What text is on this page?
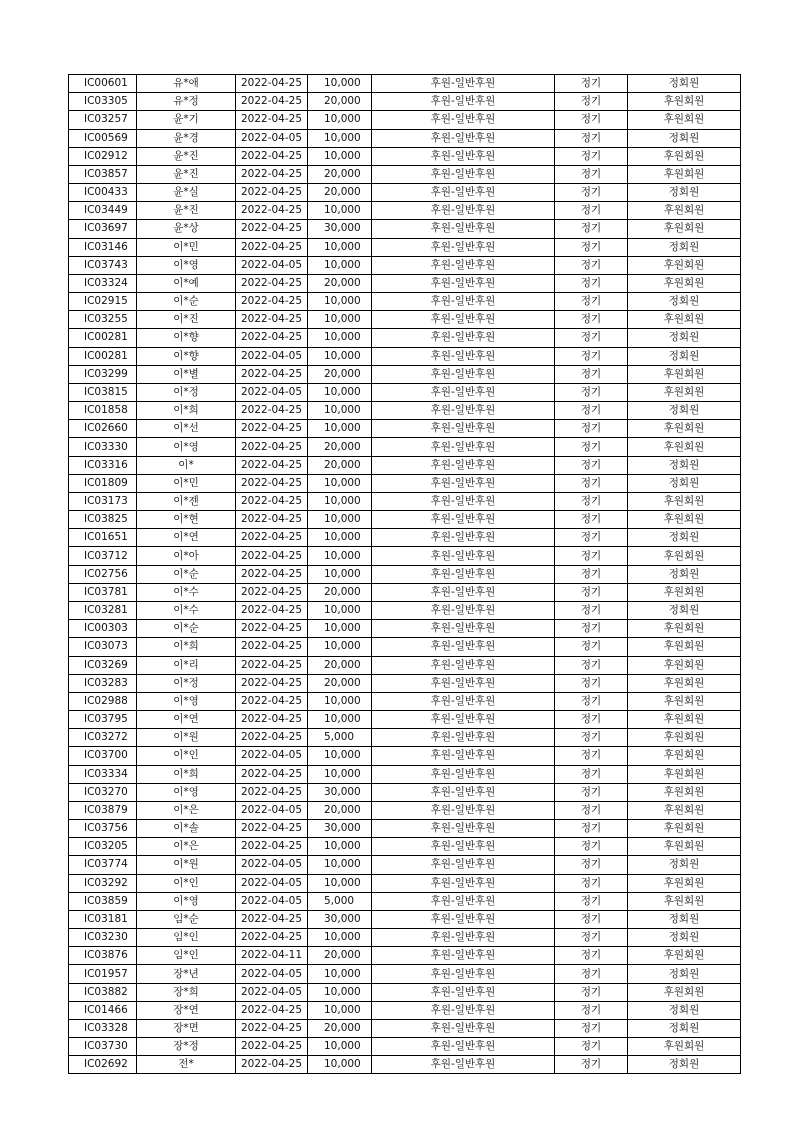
IC00601	유*애	2022-04-25	10,000	후원-일반후원	정기	정회원
IC03305	유*정	2022-04-25	20,000	후원-일반후원	정기	후원회원
IC03257	윤*기	2022-04-25	10,000	후원-일반후원	정기	후원회원
IC00569	윤*경	2022-04-05	10,000	후원-일반후원	정기	정회원
IC02912	윤*진	2022-04-25	10,000	후원-일반후원	정기	후원회원
IC03857	윤*진	2022-04-25	20,000	후원-일반후원	정기	후원회원
IC00433	윤*실	2022-04-25	20,000	후원-일반후원	정기	정회원
IC03449	윤*진	2022-04-25	10,000	후원-일반후원	정기	후원회원
IC03697	윤*상	2022-04-25	30,000	후원-일반후원	정기	후원회원
IC03146	이*민	2022-04-25	10,000	후원-일반후원	정기	정회원
IC03743	이*영	2022-04-05	10,000	후원-일반후원	정기	후원회원
IC03324	이*예	2022-04-25	20,000	후원-일반후원	정기	후원회원
IC02915	이*순	2022-04-25	10,000	후원-일반후원	정기	정회원
IC03255	이*진	2022-04-25	10,000	후원-일반후원	정기	후원회원
IC00281	이*향	2022-04-25	10,000	후원-일반후원	정기	정회원
IC00281	이*향	2022-04-05	10,000	후원-일반후원	정기	정회원
IC03299	이*별	2022-04-25	20,000	후원-일반후원	정기	후원회원
IC03815	이*정	2022-04-05	10,000	후원-일반후원	정기	후원회원
IC01858	이*희	2022-04-25	10,000	후원-일반후원	정기	정회원
IC02660	이*선	2022-04-25	10,000	후원-일반후원	정기	후원회원
IC03330	이*영	2022-04-25	20,000	후원-일반후원	정기	후원회원
IC03316	이*	2022-04-25	20,000	후원-일반후원	정기	정회원
IC01809	이*민	2022-04-25	10,000	후원-일반후원	정기	정회원
IC03173	이*젠	2022-04-25	10,000	후원-일반후원	정기	후원회원
IC03825	이*현	2022-04-25	10,000	후원-일반후원	정기	후원회원
IC01651	이*연	2022-04-25	10,000	후원-일반후원	정기	정회원
IC03712	이*아	2022-04-25	10,000	후원-일반후원	정기	후원회원
IC02756	이*순	2022-04-25	10,000	후원-일반후원	정기	정회원
IC03781	이*수	2022-04-25	20,000	후원-일반후원	정기	후원회원
IC03281	이*수	2022-04-25	10,000	후원-일반후원	정기	정회원
IC00303	이*순	2022-04-25	10,000	후원-일반후원	정기	후원회원
IC03073	이*희	2022-04-25	10,000	후원-일반후원	정기	후원회원
IC03269	이*리	2022-04-25	20,000	후원-일반후원	정기	후원회원
IC03283	이*정	2022-04-25	20,000	후원-일반후원	정기	후원회원
IC02988	이*영	2022-04-25	10,000	후원-일반후원	정기	후원회원
IC03795	이*연	2022-04-25	10,000	후원-일반후원	정기	후원회원
IC03272	이*원	2022-04-25	5,000	후원-일반후원	정기	후원회원
IC03700	이*인	2022-04-05	10,000	후원-일반후원	정기	후원회원
IC03334	이*희	2022-04-25	10,000	후원-일반후원	정기	후원회원
IC03270	이*영	2022-04-25	30,000	후원-일반후원	정기	후원회원
IC03879	이*은	2022-04-05	20,000	후원-일반후원	정기	후원회원
IC03756	이*솔	2022-04-25	30,000	후원-일반후원	정기	후원회원
IC03205	이*은	2022-04-25	10,000	후원-일반후원	정기	후원회원
IC03774	이*원	2022-04-05	10,000	후원-일반후원	정기	정회원
IC03292	이*인	2022-04-05	10,000	후원-일반후원	정기	후원회원
IC03859	이*영	2022-04-05	5,000	후원-일반후원	정기	후원회원
IC03181	임*순	2022-04-25	30,000	후원-일반후원	정기	정회원
IC03230	임*인	2022-04-25	10,000	후원-일반후원	정기	정회원
IC03876	임*인	2022-04-11	20,000	후원-일반후원	정기	후원회원
IC01957	장*년	2022-04-05	10,000	후원-일반후원	정기	정회원
IC03882	장*희	2022-04-05	10,000	후원-일반후원	정기	후원회원
IC01466	장*연	2022-04-25	10,000	후원-일반후원	정기	정회원
IC03328	장*면	2022-04-25	20,000	후원-일반후원	정기	정회원
IC03730	장*정	2022-04-25	10,000	후원-일반후원	정기	후원회원
IC02692	전*	2022-04-25	10,000	후원-일반후원	정기	정회원
